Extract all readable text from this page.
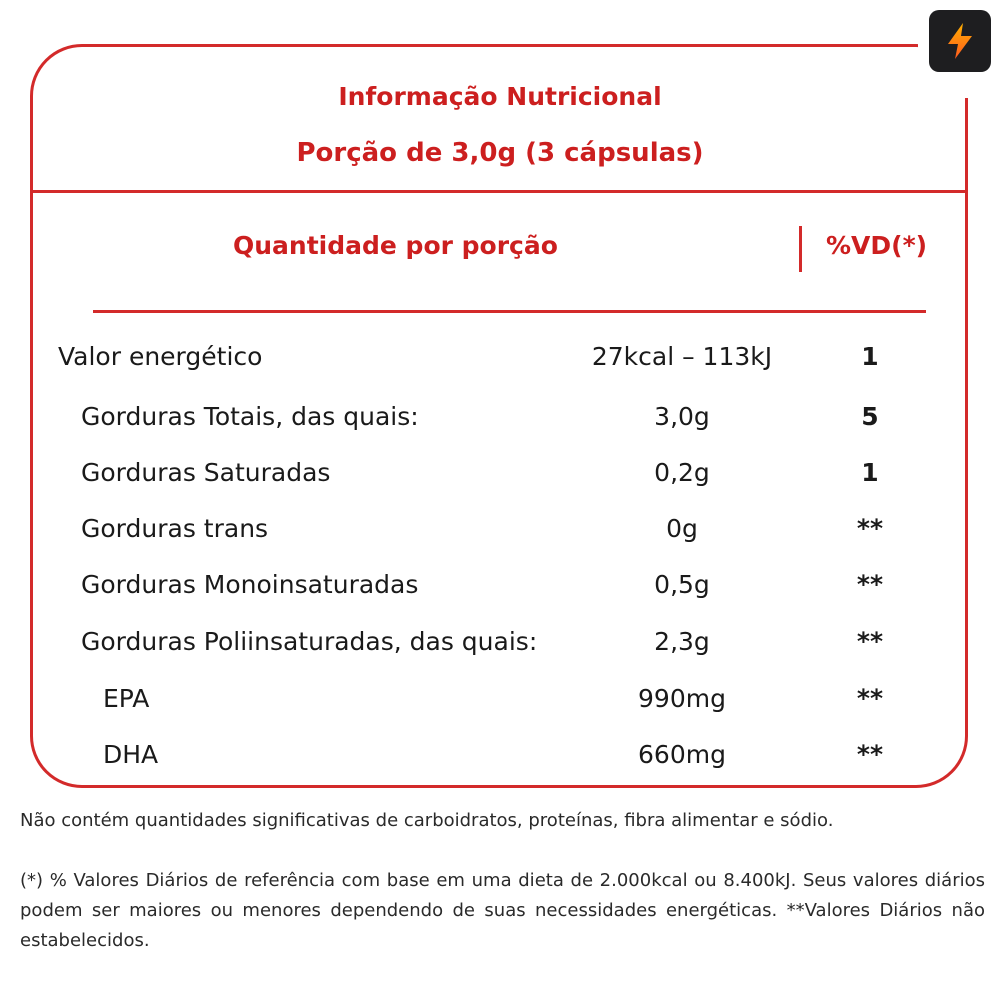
Informação Nutricional
Porção de 3,0g (3 cápsulas)
Quantidade por porção	%VD(*)
Valor energético	27kcal – 113kJ	1
Gorduras Totais, das quais:	3,0g	5
Gorduras Saturadas	0,2g	1
Gorduras trans	0g	**
Gorduras Monoinsaturadas	0,5g	**
Gorduras Poliinsaturadas, das quais:	2,3g	**
EPA	990mg	**
DHA	660mg	**
Não contém quantidades significativas de carboidratos, proteínas, fibra alimentar e sódio.
(*) % Valores Diários de referência com base em uma dieta de 2.000kcal ou 8.400kJ. Seus valores diários podem ser maiores ou menores dependendo de suas necessidades energéticas. **Valores Diários não estabelecidos.
